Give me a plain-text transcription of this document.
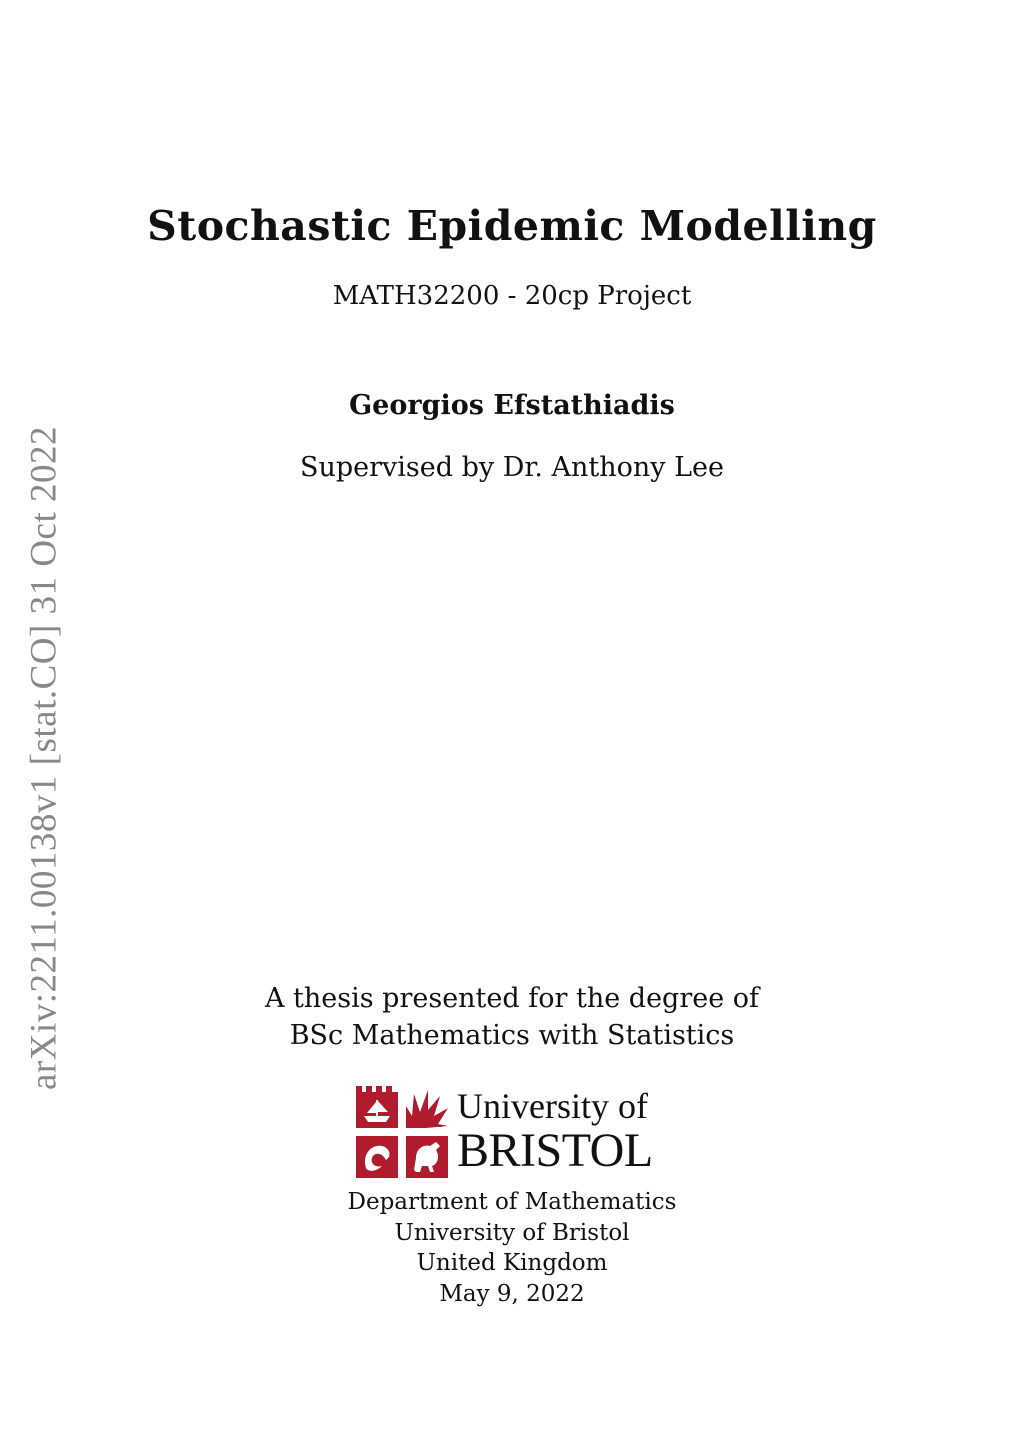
arXiv:2211.00138v1 [stat.CO] 31 Oct 2022
Stochastic Epidemic Modelling
MATH32200 - 20cp Project
Georgios Efstathiadis
Supervised by Dr. Anthony Lee
A thesis presented for the degree of
BSc Mathematics with Statistics
University of
BRISTOL
Department of Mathematics
University of Bristol
United Kingdom
May 9, 2022
